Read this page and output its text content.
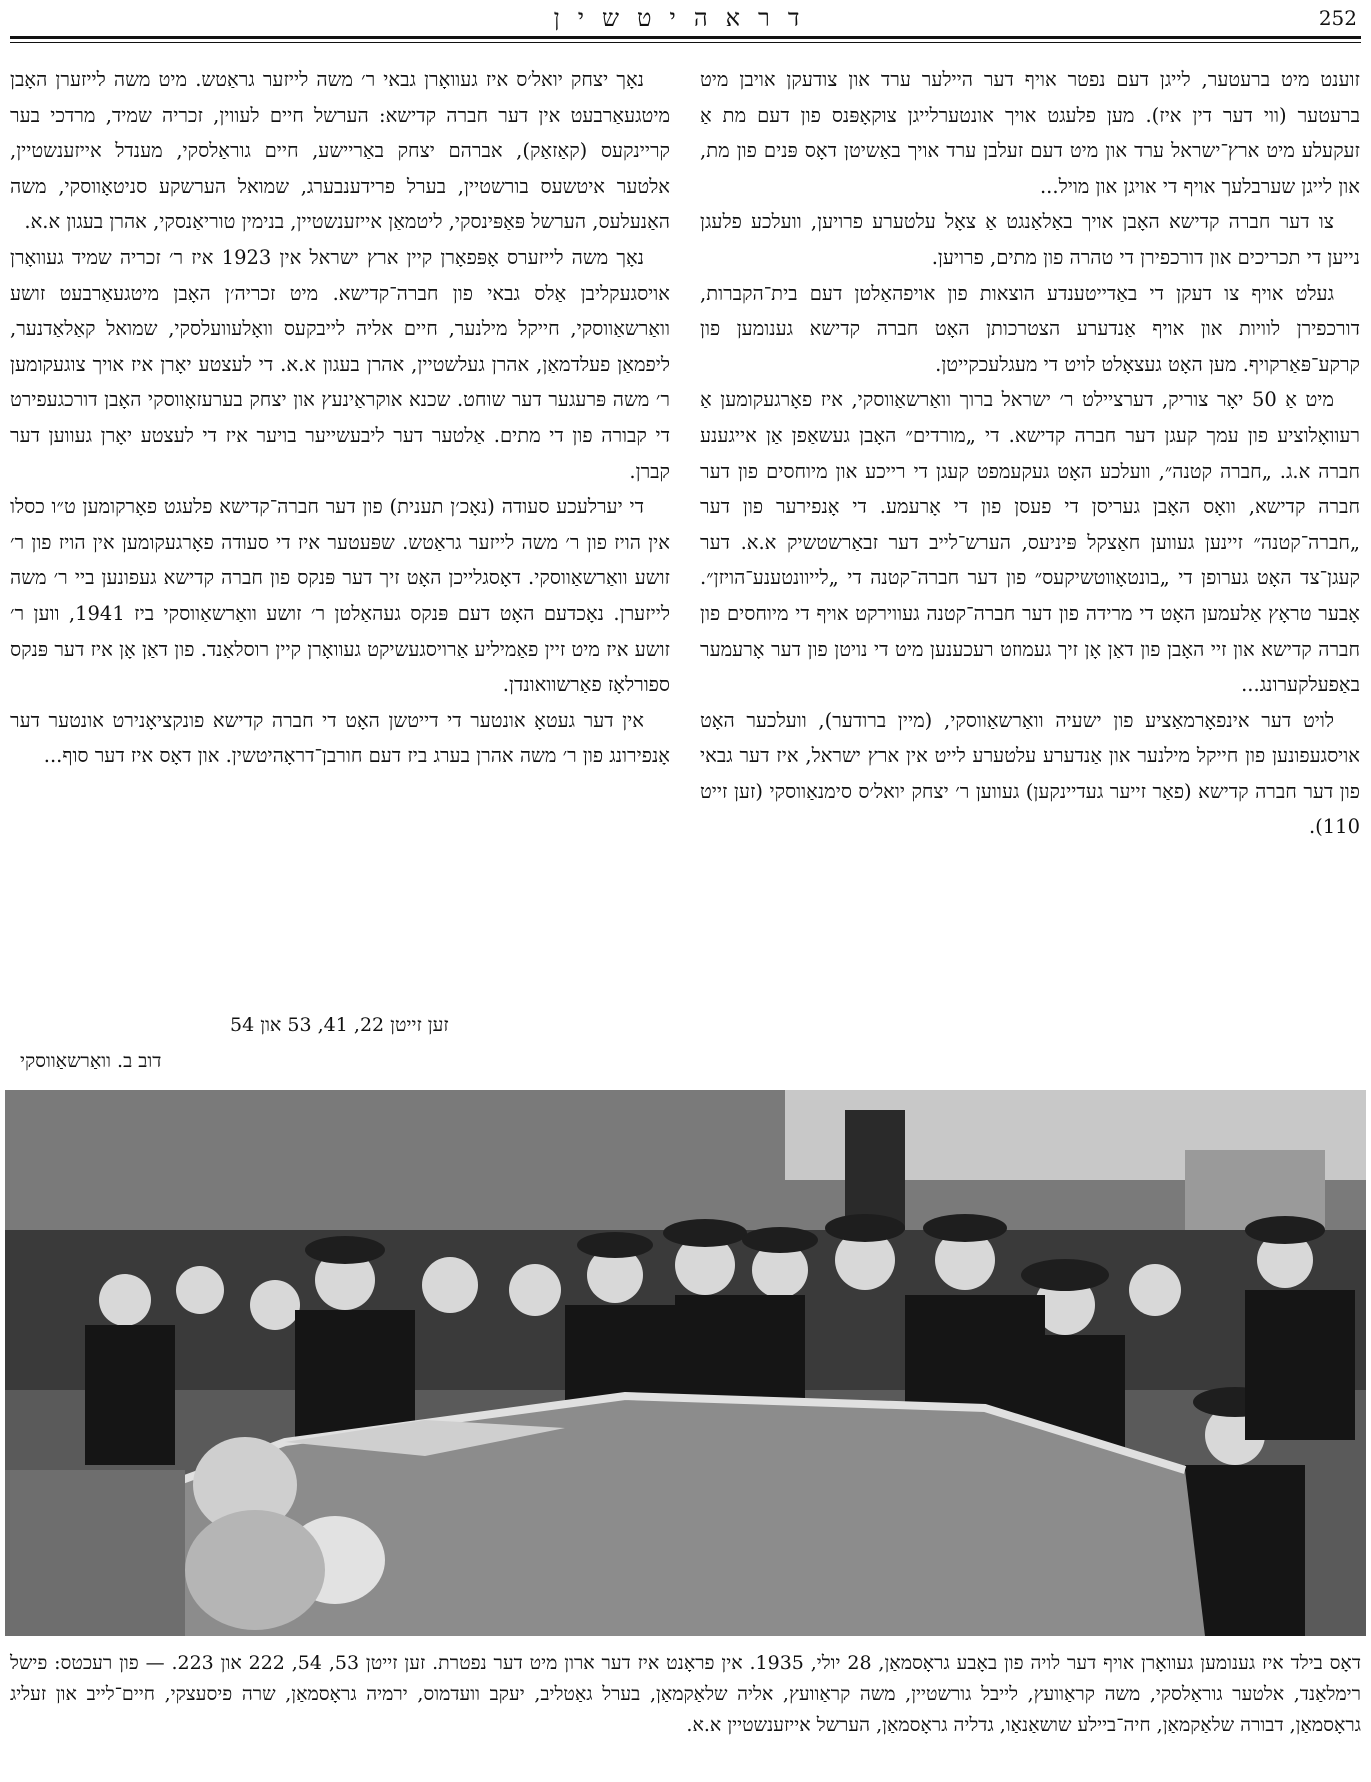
דראהיטשין	252

זוענט מיט ברעטער, לייגן דעם נפטר אויף דער היילער ערד און צודעקן אויבן מיט ברעטער (ווי דער דין איז). מען פלעגט אויך אונטערלייגן צוקאָפּנס פון דעם מת אַ זעקעלע מיט ארץ־ישראל ערד און מיט דעם זעלבן ערד אויך באַשיטן דאָס פּנים פון מת, און לייגן שערבלעך אויף די אויגן און מויל...

צו דער חברה קדישא האָבן אויך באַלאַנגט אַ צאָל עלטערע פרויען, וועלכע פלעגן נייען די תכריכים און דורכפירן די טהרה פון מתים, פרויען.

געלט אויף צו דעקן די באַדייטענדע הוצאות פון אויפהאַלטן דעם בית־הקברות, דורכפירן לוויות און אויף אַנדערע הצטרכותן האָט חברה קדישא גענומען פון קרקע־פּאַרקויף. מען האָט געצאָלט לויט די מעגלעכקייטן.

מיט אַ 50 יאָר צוריק, דערציילט ר׳ ישראל ברוך וואַרשאַווסקי, איז פאָרגעקומען אַ רעוואָלוציע פון עמך קעגן דער חברה קדישא. די „מורדים״ האָבן געשאַפן אַן אייגענע חברה א.ג. „חברה קטנה״, וועלכע האָט געקעמפט קעגן די רייכע און מיוחסים פון דער חברה קדישא, וואָס האָבן געריסן די פעסן פון די אָרעמע. די אָנפירער פון דער „חברה־קטנה״ זיינען געווען חאַצקל פּיניעס, הערש־לייב דער זבאַרשטשיק א.א. דער קעגן־צד האָט גערופן די „בונטאָווטשיקעס״ פון דער חברה־קטנה די „לייוונטענע־הויזן״. אָבער טראָץ אַלעמען האָט די מרידה פון דער חברה־קטנה געווירקט אויף די מיוחסים פון חברה קדישא און זיי האָבן פון דאַן אָן זיך געמוזט רעכענען מיט די נויטן פון דער אָרעמער באַפעלקערונג...

לויט דער אינפאָרמאַציע פון ישעיה וואַרשאַווסקי, (מיין ברודער), וועלכער האָט אויסגעפונען פון חייקל מילנער און אַנדערע עלטערע לייט אין ארץ ישראל, איז דער גבאי פון דער חברה קדישא (פאַר זייער געדיינקען) געווען ר׳ יצחק יואל׳ס סימנאַווסקי (זען זייט 110).

נאָך יצחק יואל׳ס איז געוואָרן גבאי ר׳ משה לייזער גראַטש. מיט משה לייזערן האָבן מיטגעאַרבעט אין דער חברה קדישא: הערשל חיים לעווין, זכריה שמיד, מרדכי בער קריינקעס (קאַזאַק), אברהם יצחק באַריישע, חיים גוראַלסקי, מענדל אייזענשטיין, אלטער איטשעס בורשטיין, בערל פרידענבערג, שמואל הערשקע סניטאָווסקי, משה האַנעלעס, הערשל פּאַפּינסקי, ליטמאַן אייזענשטיין, בנימין טוריאַנסקי, אהרן בעגון א.א.

נאָך משה לייזערס אָפּפאָרן קיין ארץ ישראל אין 1923 איז ר׳ זכריה שמיד געוואָרן אויסגעקליבן אַלס גבאי פון חברה־קדישא. מיט זכריה׳ן האָבן מיטגעאַרבעט זושע וואַרשאַווסקי, חייקל מילנער, חיים אליה לייבקעס וואָלעוועלסקי, שמואל קאַלאַדנער, ליפמאַן פעלדמאַן, אהרן געלשטיין, אהרן בעגון א.א. די לעצטע יאָרן איז אויך צוגעקומען ר׳ משה פּרעגער דער שוחט. שכנא אוקראַינעץ און יצחק בערעזאָווסקי האָבן דורכגעפירט די קבורה פון די מתים. אַלטער דער ליבעשייער בויער איז די לעצטע יאָרן געווען דער קברן.

די יערלעכע סעודה (נאָכ׳ן תענית) פון דער חברה־קדישא פלעגט פאָרקומען ט״ו כסלו אין הויז פון ר׳ משה לייזער גראַטש. שפּעטער איז די סעודה פאָרגעקומען אין הויז פון ר׳ זושע וואַרשאַווסקי. דאָסגלייכן האָט זיך דער פּנקס פון חברה קדישא געפונען ביי ר׳ משה לייזערן. נאָכדעם האָט דעם פּנקס געהאַלטן ר׳ זושע וואַרשאַווסקי ביז 1941, ווען ר׳ זושע איז מיט זיין פאַמיליע אַרויסגעשיקט געוואָרן קיין רוסלאַנד. פון דאַן אָן איז דער פּנקס ספורלאָז פאַרשוואונדן.

אין דער געטאָ אונטער די דייטשן האָט די חברה קדישא פונקציאָנירט אונטער דער אָנפירונג פון ר׳ משה אהרן בערג ביז דעם חורבן־דראָהיטשין. און דאָס איז דער סוף...

זען זייטן 22, 41, 53 און 54
דוב ב. וואַרשאַווסקי
דאָס בילד איז גענומען געוואָרן אויף דער לויה פון באָבע גראָסמאַן, 28 יולי, 1935. אין פראָנט איז דער ארון מיט דער נפטרת. זען זייטן 53, 54, 222 און 223. — פון רעכטס: פישל רימלאַנד, אלטער גוראַלסקי, משה קראַוועץ, לייבל גורשטיין, משה קראַוועץ, אליה שלאַקמאַן, בערל גאַטליב, יעקב וועדמוס, ירמיה גראָסמאַן, שרה פיסעצקי, חיים־לייב און זעליג גראָסמאַן, דבורה שלאַקמאַן, חיה־ביילע שושאַנאַו, גדליה גראָסמאַן, הערשל אייזענשטיין א.א.
